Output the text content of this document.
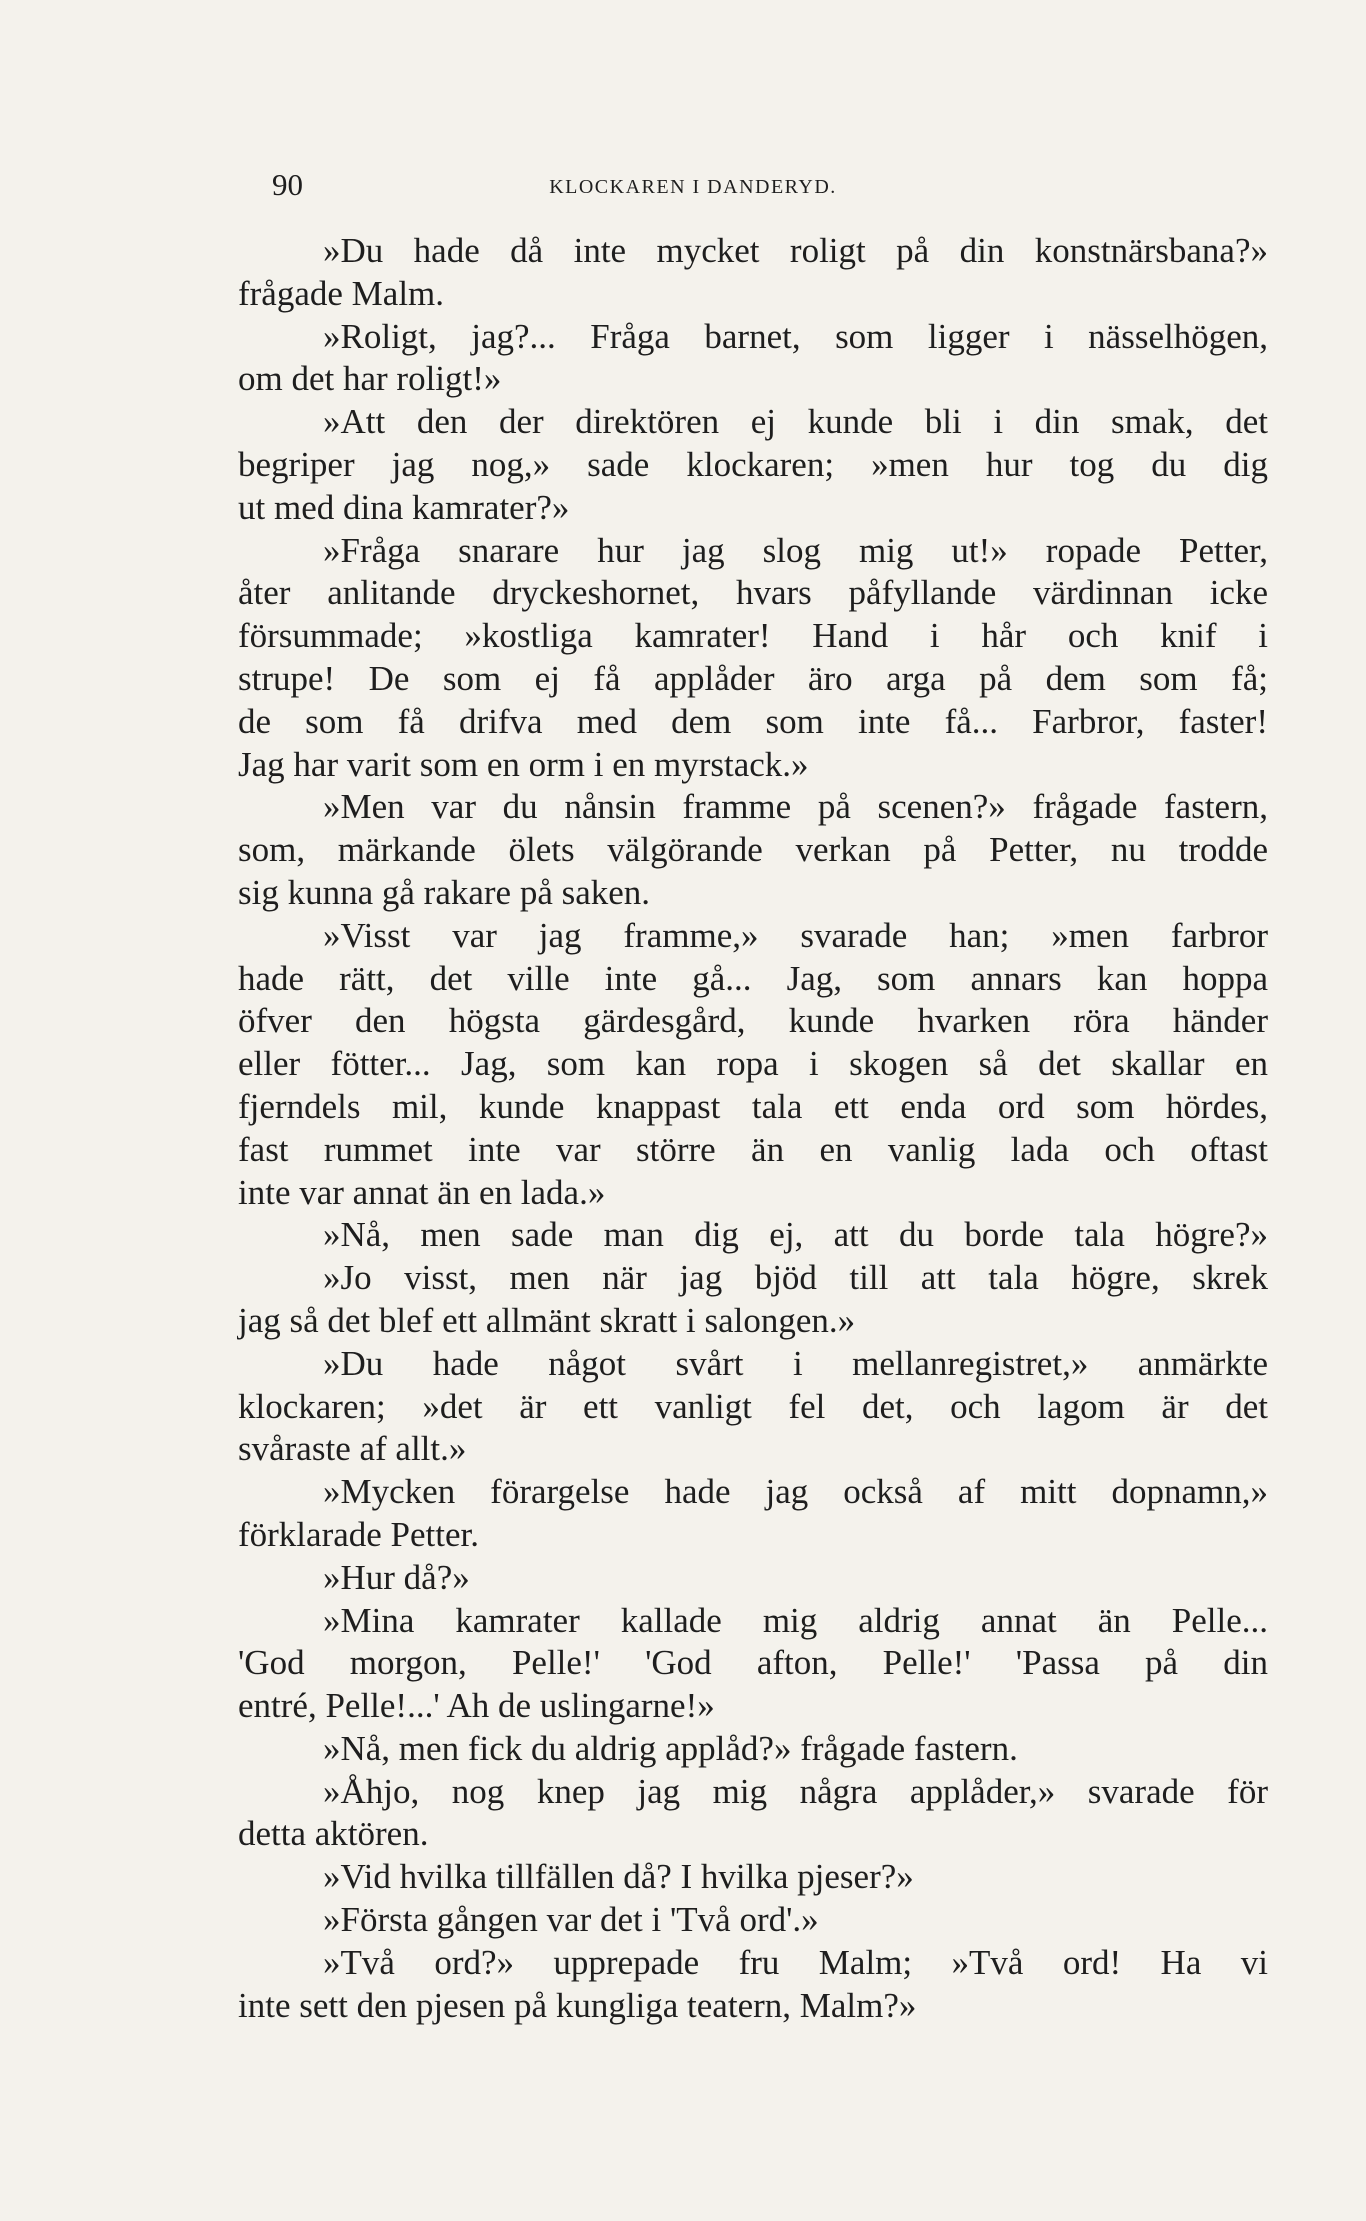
90	KLOCKAREN I DANDERYD.
»Du hade då inte mycket roligt på din konstnärsbana?»
frågade Malm.
»Roligt, jag?... Fråga barnet, som ligger i nässelhögen,
om det har roligt!»
»Att den der direktören ej kunde bli i din smak, det
begriper jag nog,» sade klockaren; »men hur tog du dig
ut med dina kamrater?»
»Fråga snarare hur jag slog mig ut!» ropade Petter,
åter anlitande dryckeshornet, hvars påfyllande värdinnan icke
försummade; »kostliga kamrater! Hand i hår och knif i
strupe! De som ej få applåder äro arga på dem som få;
de som få drifva med dem som inte få... Farbror, faster!
Jag har varit som en orm i en myrstack.»
»Men var du nånsin framme på scenen?» frågade fastern,
som, märkande ölets välgörande verkan på Petter, nu trodde
sig kunna gå rakare på saken.
»Visst var jag framme,» svarade han; »men farbror
hade rätt, det ville inte gå... Jag, som annars kan hoppa
öfver den högsta gärdesgård, kunde hvarken röra händer
eller fötter... Jag, som kan ropa i skogen så det skallar en
fjerndels mil, kunde knappast tala ett enda ord som hördes,
fast rummet inte var större än en vanlig lada och oftast
inte var annat än en lada.»
»Nå, men sade man dig ej, att du borde tala högre?»
»Jo visst, men när jag bjöd till att tala högre, skrek
jag så det blef ett allmänt skratt i salongen.»
»Du hade något svårt i mellanregistret,» anmärkte
klockaren; »det är ett vanligt fel det, och lagom är det
svåraste af allt.»
»Mycken förargelse hade jag också af mitt dopnamn,»
förklarade Petter.
»Hur då?»
»Mina kamrater kallade mig aldrig annat än Pelle...
'God morgon, Pelle!' 'God afton, Pelle!' 'Passa på din
entré, Pelle!...' Ah de uslingarne!»
»Nå, men fick du aldrig applåd?» frågade fastern.
»Åhjo, nog knep jag mig några applåder,» svarade för
detta aktören.
»Vid hvilka tillfällen då? I hvilka pjeser?»
»Första gången var det i 'Två ord'.»
»Två ord?» upprepade fru Malm; »Två ord! Ha vi
inte sett den pjesen på kungliga teatern, Malm?»
